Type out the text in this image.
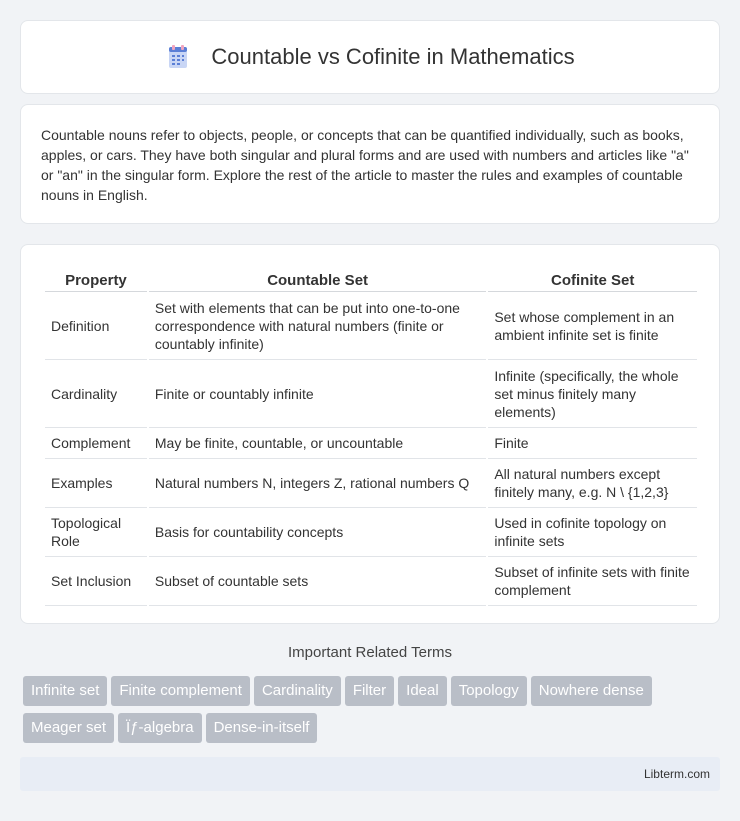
Countable vs Cofinite in Mathematics

Countable nouns refer to objects, people, or concepts that can be quantified individually, such as books, apples, or cars. They have both singular and plural forms and are used with numbers and articles like "a" or "an" in the singular form. Explore the rest of the article to master the rules and examples of countable nouns in English.

Property	Countable Set	Cofinite Set
Definition	Set with elements that can be put into one-to-one correspondence with natural numbers (finite or countably infinite)	Set whose complement in an ambient infinite set is finite
Cardinality	Finite or countably infinite	Infinite (specifically, the whole set minus finitely many elements)
Complement	May be finite, countable, or uncountable	Finite
Examples	Natural numbers N, integers Z, rational numbers Q	All natural numbers except finitely many, e.g. N \ {1,2,3}
Topological Role	Basis for countability concepts	Used in cofinite topology on infinite sets
Set Inclusion	Subset of countable sets	Subset of infinite sets with finite complement
Important Related Terms
Infinite set Finite complement Cardinality Filter Ideal Topology Nowhere denseMeager set Ïƒ-algebra Dense-in-itself
Libterm.com
